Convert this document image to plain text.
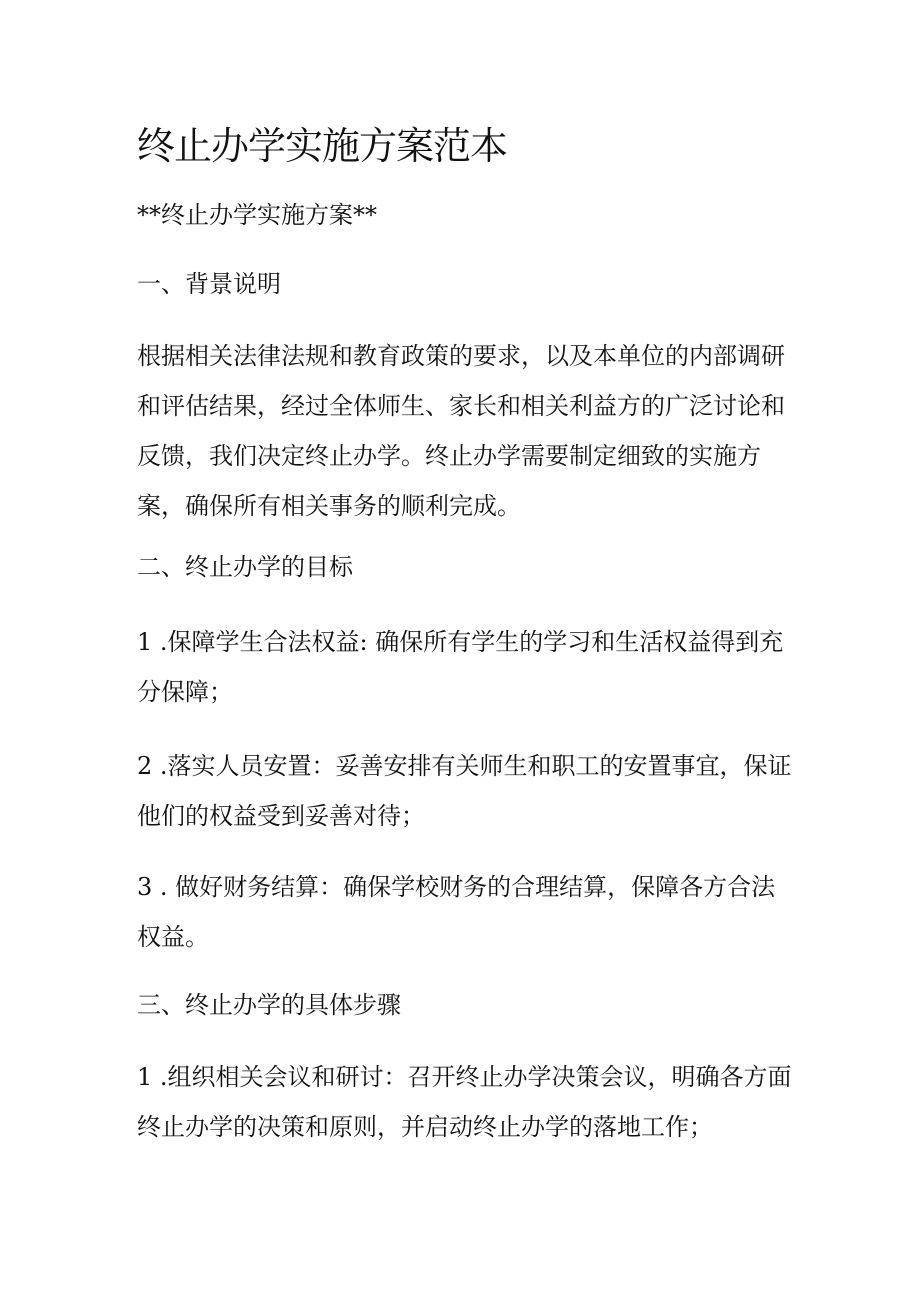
终止办学实施方案范本
**终止办学实施方案**
一、背景说明

根据相关法律法规和教育政策的要求，以及本单位的内部调研和评估结果，经过全体师生、家长和相关利益方的广泛讨论和反馈，我们决定终止办学。终止办学需要制定细致的实施方案，确保所有相关事务的顺利完成。

二、终止办学的目标

1 .保障学生合法权益: 确保所有学生的学习和生活权益得到充分保障；

2 .落实人员安置：妥善安排有关师生和职工的安置事宜，保证他们的权益受到妥善对待；

3 . 做好财务结算：确保学校财务的合理结算，保障各方合法权益。

三、终止办学的具体步骤

1 .组织相关会议和研讨：召开终止办学决策会议，明确各方面终止办学的决策和原则，并启动终止办学的落地工作；
